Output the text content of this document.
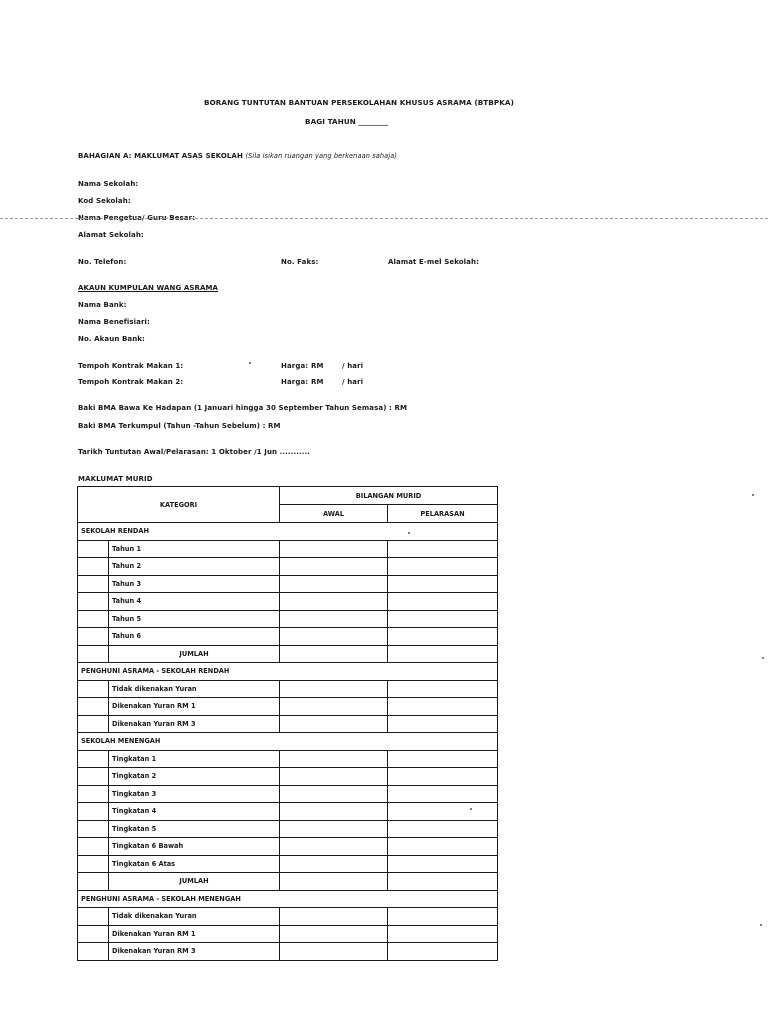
BORANG TUNTUTAN BANTUAN PERSEKOLAHAN KHUSUS ASRAMA (BTBPKA)
BAGI TAHUN ________
BAHAGIAN A: MAKLUMAT ASAS SEKOLAH (Sila isikan ruangan yang berkenaan sahaja)
Nama Sekolah:
Kod Sekolah:
Nama Pengetua/ Guru Besar:
Alamat Sekolah:
No. Telefon:	No. Faks:	Alamat E-mel Sekolah:
AKAUN KUMPULAN WANG ASRAMA
Nama Bank:
Nama Benefisiari:
No. Akaun Bank:
Tempoh Kontrak Makan 1:	Harga: RM	/ hari
Tempoh Kontrak Makan 2:	Harga: RM	/ hari
Baki BMA Bawa Ke Hadapan (1 Januari hingga 30 September Tahun Semasa) : RM
Baki BMA Terkumpul (Tahun -Tahun Sebelum) : RM
Tarikh Tuntutan Awal/Pelarasan: 1 Oktober /1 Jun ...........
MAKLUMAT MURID
KATEGORI		BILANGAN MURID	
		AWAL	PELARASAN
SEKOLAH RENDAH			
	Tahun 1		
	Tahun 2		
	Tahun 3		
	Tahun 4		
	Tahun 5		
	Tahun 6		
	JUMLAH		
PENGHUNI ASRAMA - SEKOLAH RENDAH			
	Tidak dikenakan Yuran		
	Dikenakan Yuran RM 1		
	Dikenakan Yuran RM 3		
SEKOLAH MENENGAH			
	Tingkatan 1		
	Tingkatan 2		
	Tingkatan 3		
	Tingkatan 4		
	Tingkatan 5		
	Tingkatan 6 Bawah		
	Tingkatan 6 Atas		
	JUMLAH		
PENGHUNI ASRAMA - SEKOLAH MENENGAH			
	Tidak dikenakan Yuran		
	Dikenakan Yuran RM 1		
	Dikenakan Yuran RM 3		
